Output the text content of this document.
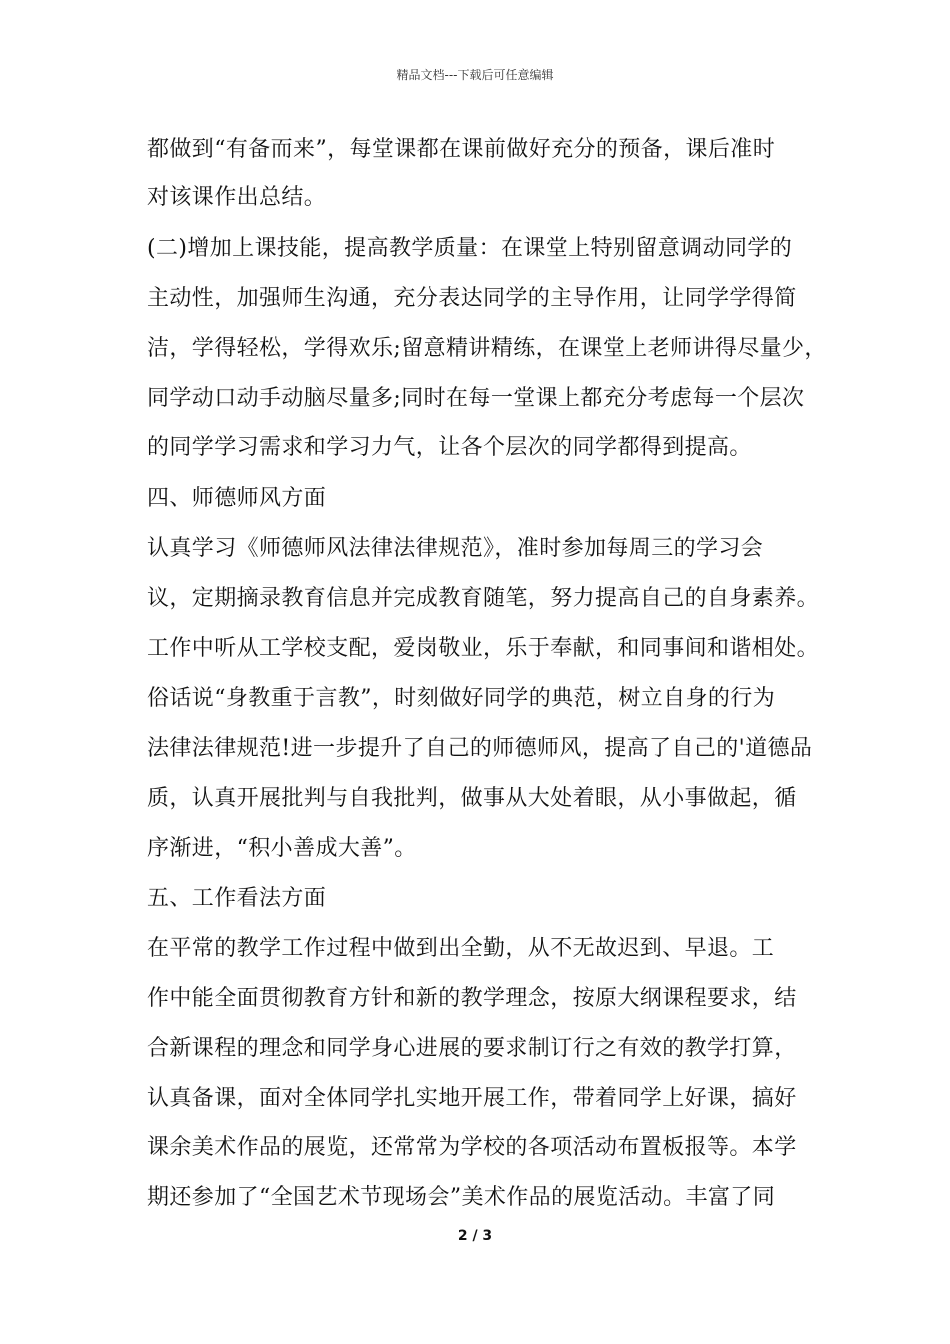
精品文档---下载后可任意编辑
都做到“有备而来”，每堂课都在课前做好充分的预备，课后准时
对该课作出总结。
(二)增加上课技能，提高教学质量：在课堂上特别留意调动同学的
主动性，加强师生沟通，充分表达同学的主导作用，让同学学得简
洁，学得轻松，学得欢乐;留意精讲精练，在课堂上老师讲得尽量少，
同学动口动手动脑尽量多;同时在每一堂课上都充分考虑每一个层次
的同学学习需求和学习力气，让各个层次的同学都得到提高。
四、师德师风方面
认真学习《师德师风法律法律规范》，准时参加每周三的学习会
议，定期摘录教育信息并完成教育随笔，努力提高自己的自身素养。
工作中听从工学校支配，爱岗敬业，乐于奉献，和同事间和谐相处。
俗话说“身教重于言教”，时刻做好同学的典范，树立自身的行为
法律法律规范!进一步提升了自己的师德师风，提高了自己的'道德品
质，认真开展批判与自我批判，做事从大处着眼，从小事做起，循
序渐进，“积小善成大善”。
五、工作看法方面
在平常的教学工作过程中做到出全勤，从不无故迟到、早退。工
作中能全面贯彻教育方针和新的教学理念，按原大纲课程要求，结
合新课程的理念和同学身心进展的要求制订行之有效的教学打算，
认真备课，面对全体同学扎实地开展工作，带着同学上好课，搞好
课余美术作品的展览，还常常为学校的各项活动布置板报等。本学
期还参加了“全国艺术节现场会”美术作品的展览活动。丰富了同
2 / 3
